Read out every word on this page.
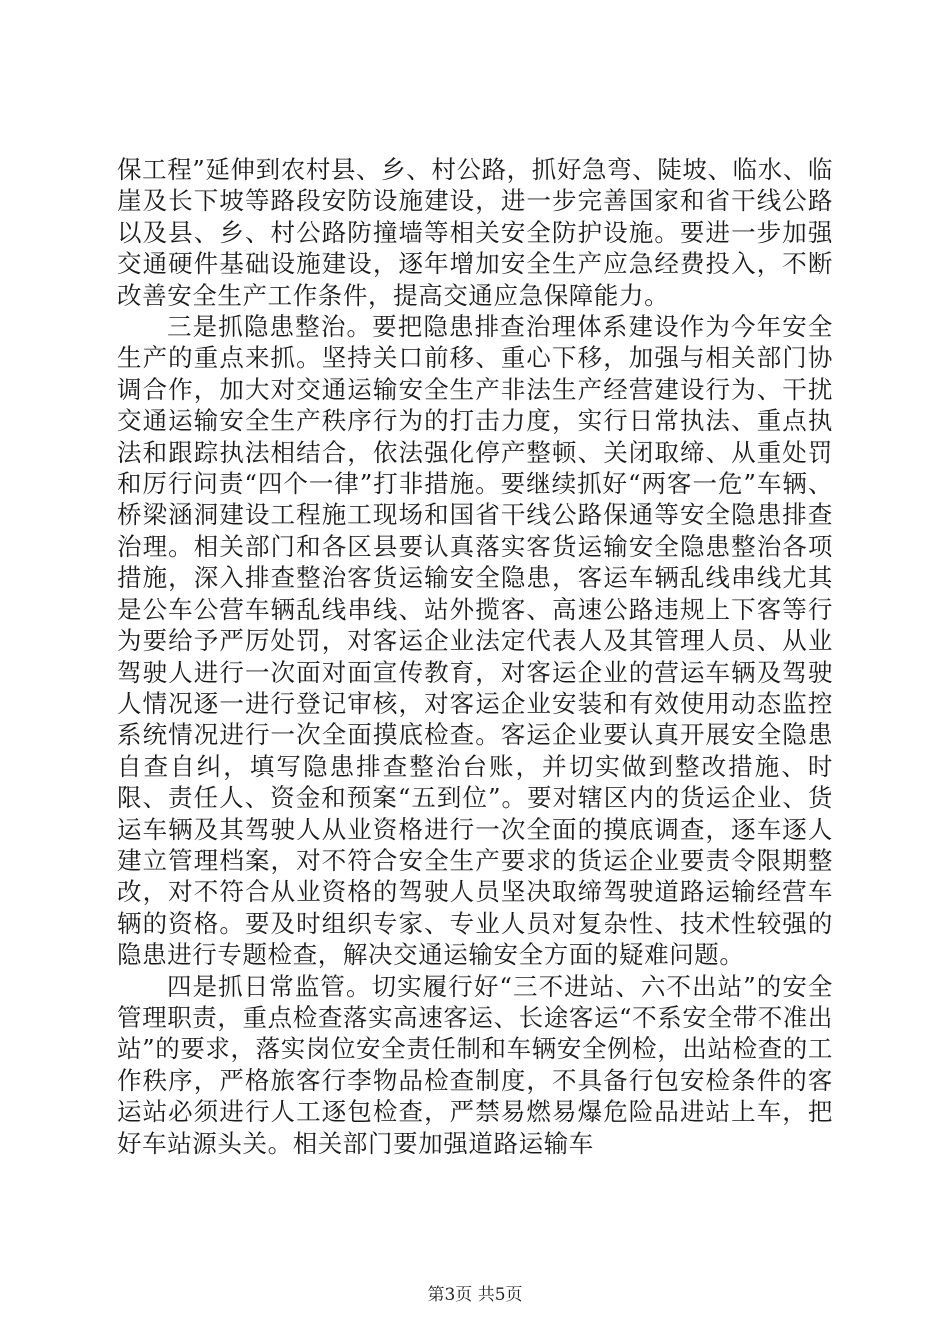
保工程”延伸到农村县、乡、村公路，抓好急弯、陡坡、临水、临崖及长下坡等路段安防设施建设，进一步完善国家和省干线公路以及县、乡、村公路防撞墙等相关安全防护设施。要进一步加强交通硬件基础设施建设，逐年增加安全生产应急经费投入，不断改善安全生产工作条件，提高交通应急保障能力。

三是抓隐患整治。要把隐患排查治理体系建设作为今年安全生产的重点来抓。坚持关口前移、重心下移，加强与相关部门协调合作，加大对交通运输安全生产非法生产经营建设行为、干扰交通运输安全生产秩序行为的打击力度，实行日常执法、重点执法和跟踪执法相结合，依法强化停产整顿、关闭取缔、从重处罚和厉行问责“四个一律”打非措施。要继续抓好“两客一危”车辆、桥梁涵洞建设工程施工现场和国省干线公路保通等安全隐患排查治理。相关部门和各区县要认真落实客货运输安全隐患整治各项措施，深入排查整治客货运输安全隐患，客运车辆乱线串线尤其是公车公营车辆乱线串线、站外揽客、高速公路违规上下客等行为要给予严厉处罚，对客运企业法定代表人及其管理人员、从业驾驶人进行一次面对面宣传教育，对客运企业的营运车辆及驾驶人情况逐一进行登记审核，对客运企业安装和有效使用动态监控系统情况进行一次全面摸底检查。客运企业要认真开展安全隐患自查自纠，填写隐患排查整治台账，并切实做到整改措施、时限、责任人、资金和预案“五到位”。要对辖区内的货运企业、货运车辆及其驾驶人从业资格进行一次全面的摸底调查，逐车逐人建立管理档案，对不符合安全生产要求的货运企业要责令限期整改，对不符合从业资格的驾驶人员坚决取缔驾驶道路运输经营车辆的资格。要及时组织专家、专业人员对复杂性、技术性较强的隐患进行专题检查，解决交通运输安全方面的疑难问题。

四是抓日常监管。切实履行好“三不进站、六不出站”的安全管理职责，重点检查落实高速客运、长途客运“不系安全带不准出站”的要求，落实岗位安全责任制和车辆安全例检，出站检查的工作秩序，严格旅客行李物品检查制度，不具备行包安检条件的客运站必须进行人工逐包检查，严禁易燃易爆危险品进站上车，把好车站源头关。相关部门要加强道路运输车

第3页 共5页
